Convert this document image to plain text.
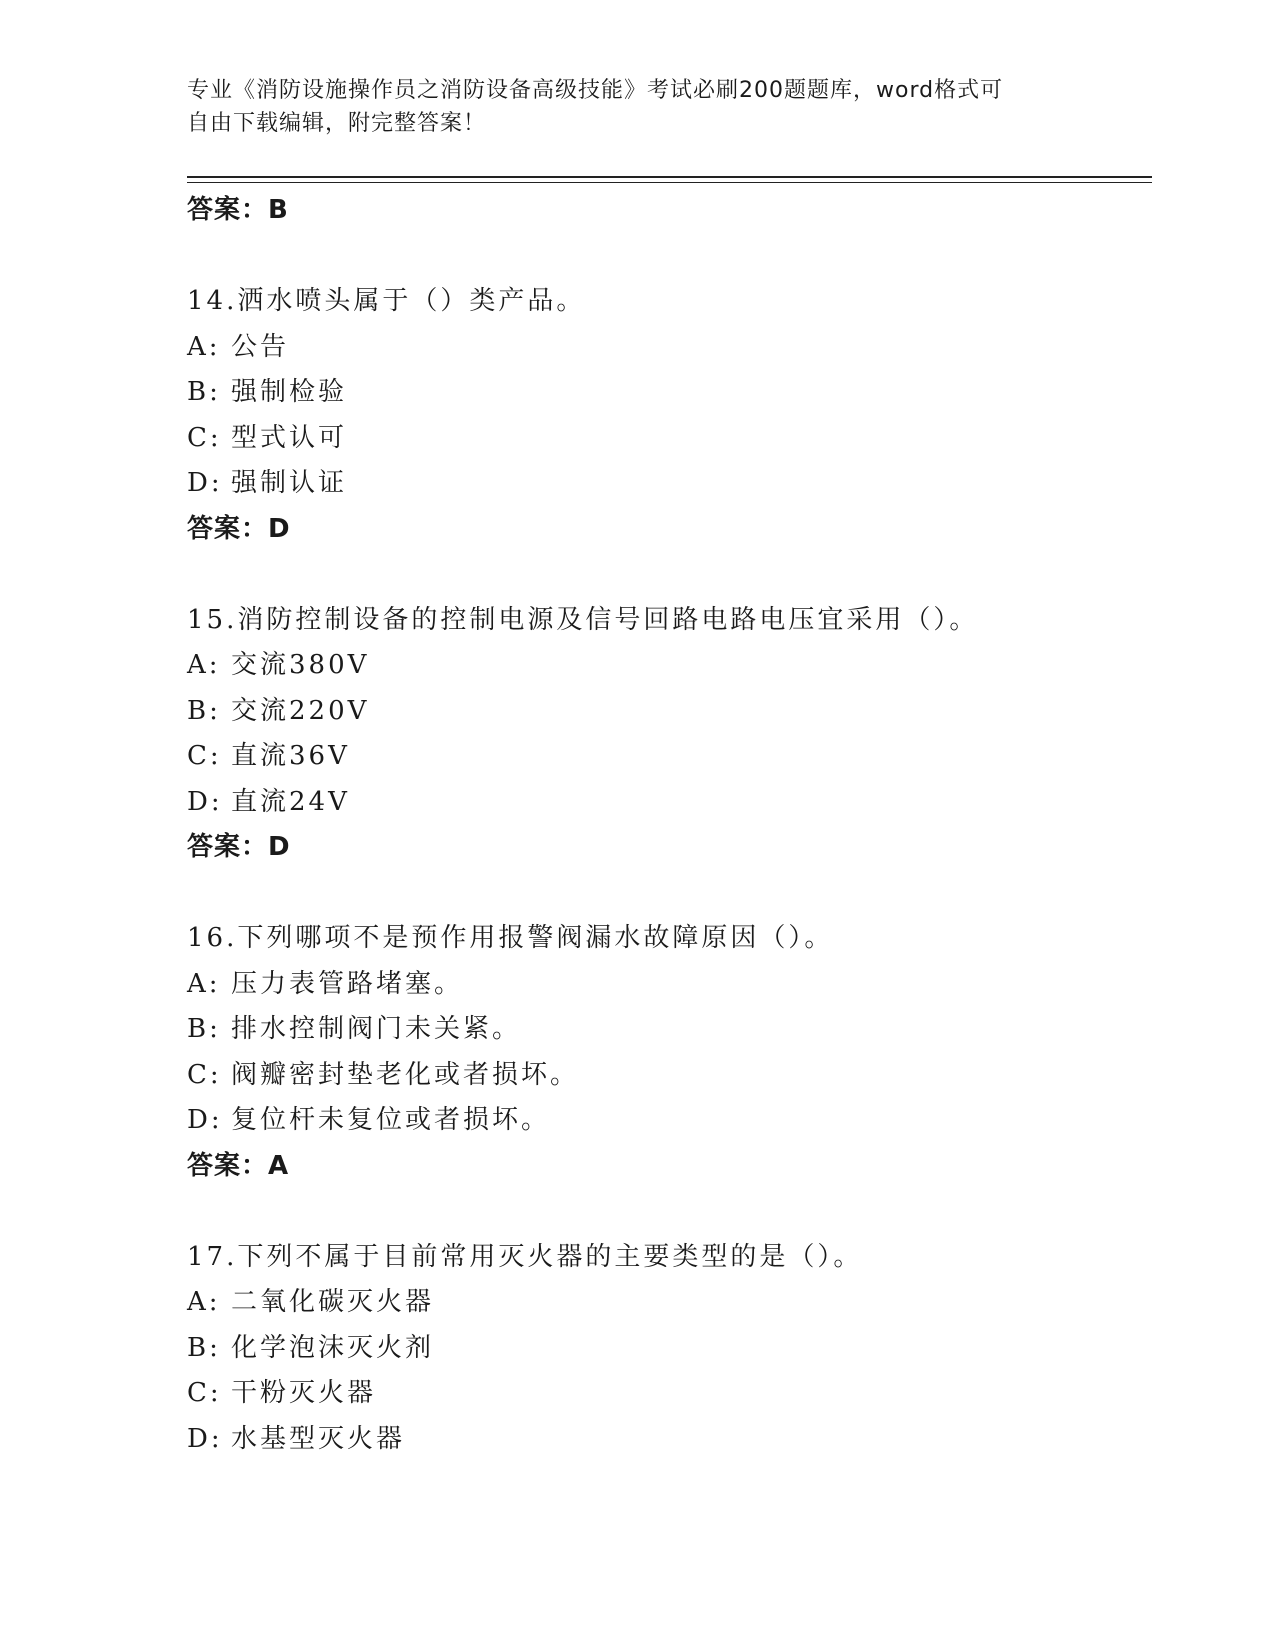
专业《消防设施操作员之消防设备高级技能》考试必刷200题题库，word格式可
自由下载编辑，附完整答案！
答案：B
14.洒水喷头属于（）类产品。
A: 公告
B: 强制检验
C: 型式认可
D: 强制认证
答案：D
15.消防控制设备的控制电源及信号回路电路电压宜采用（）。
A: 交流380V
B: 交流220V
C: 直流36V
D: 直流24V
答案：D
16.下列哪项不是预作用报警阀漏水故障原因（）。
A: 压力表管路堵塞。
B: 排水控制阀门未关紧。
C: 阀瓣密封垫老化或者损坏。
D: 复位杆未复位或者损坏。
答案：A
17.下列不属于目前常用灭火器的主要类型的是（）。
A: 二氧化碳灭火器
B: 化学泡沫灭火剂
C: 干粉灭火器
D: 水基型灭火器
